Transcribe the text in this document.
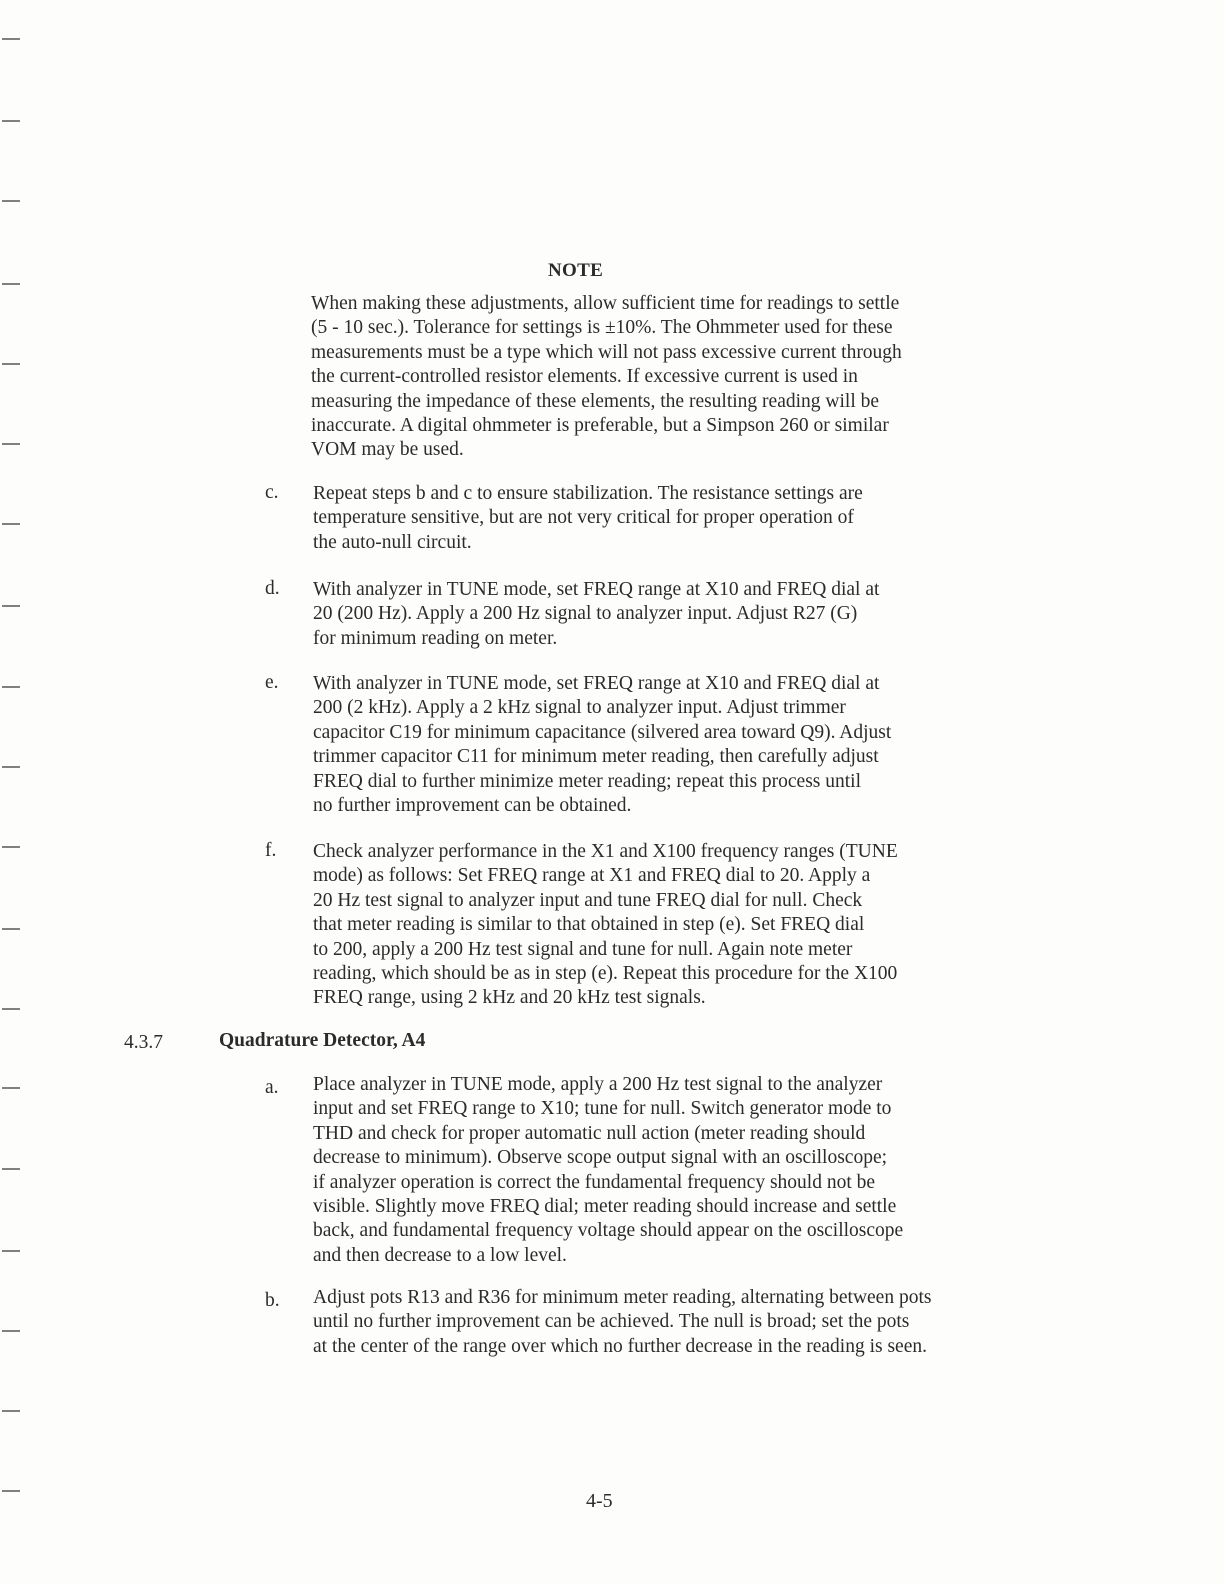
NOTE
When making these adjustments, allow sufficient time for readings to settle
(5 - 10 sec.). Tolerance for settings is ±10%. The Ohmmeter used for these
measurements must be a type which will not pass excessive current through
the current-controlled resistor elements. If excessive current is used in
measuring the impedance of these elements, the resulting reading will be
inaccurate. A digital ohmmeter is preferable, but a Simpson 260 or similar
VOM may be used.
c. Repeat steps b and c to ensure stabilization. The resistance settings are
temperature sensitive, but are not very critical for proper operation of
the auto-null circuit.
d. With analyzer in TUNE mode, set FREQ range at X10 and FREQ dial at
20 (200 Hz). Apply a 200 Hz signal to analyzer input. Adjust R27 (G)
for minimum reading on meter.
e. With analyzer in TUNE mode, set FREQ range at X10 and FREQ dial at
200 (2 kHz). Apply a 2 kHz signal to analyzer input. Adjust trimmer
capacitor C19 for minimum capacitance (silvered area toward Q9). Adjust
trimmer capacitor C11 for minimum meter reading, then carefully adjust
FREQ dial to further minimize meter reading; repeat this process until
no further improvement can be obtained.
f. Check analyzer performance in the X1 and X100 frequency ranges (TUNE
mode) as follows: Set FREQ range at X1 and FREQ dial to 20. Apply a
20 Hz test signal to analyzer input and tune FREQ dial for null. Check
that meter reading is similar to that obtained in step (e). Set FREQ dial
to 200, apply a 200 Hz test signal and tune for null. Again note meter
reading, which should be as in step (e). Repeat this procedure for the X100
FREQ range, using 2 kHz and 20 kHz test signals.
4.3.7	Quadrature Detector, A4
a. Place analyzer in TUNE mode, apply a 200 Hz test signal to the analyzer
input and set FREQ range to X10; tune for null. Switch generator mode to
THD and check for proper automatic null action (meter reading should
decrease to minimum). Observe scope output signal with an oscilloscope;
if analyzer operation is correct the fundamental frequency should not be
visible. Slightly move FREQ dial; meter reading should increase and settle
back, and fundamental frequency voltage should appear on the oscilloscope
and then decrease to a low level.
b. Adjust pots R13 and R36 for minimum meter reading, alternating between pots
until no further improvement can be achieved. The null is broad; set the pots
at the center of the range over which no further decrease in the reading is seen.
4-5
